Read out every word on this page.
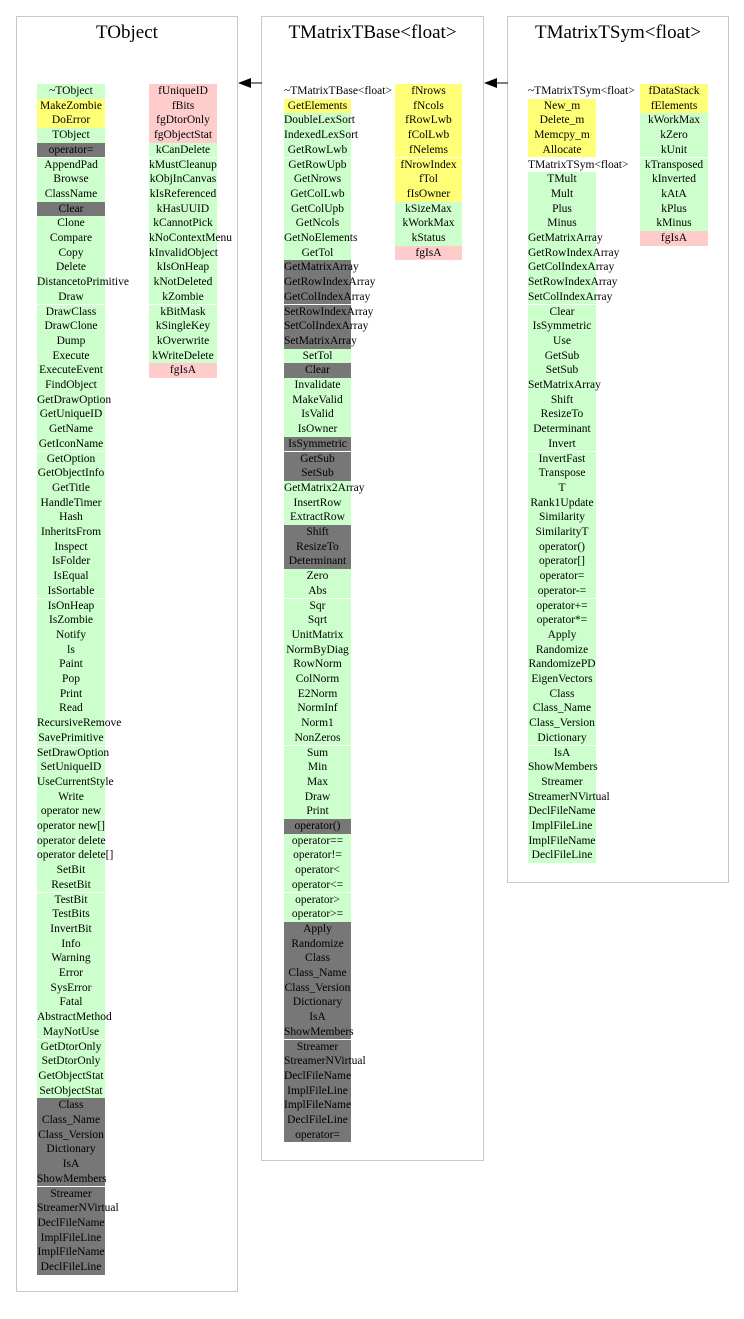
TObject
~TObject
MakeZombie
DoError
TObject
operator=
AppendPad
Browse
ClassName
Clear
Clone
Compare
Copy
Delete
DistancetoPrimitive
Draw
DrawClass
DrawClone
Dump
Execute
ExecuteEvent
FindObject
GetDrawOption
GetUniqueID
GetName
GetIconName
GetOption
GetObjectInfo
GetTitle
HandleTimer
Hash
InheritsFrom
Inspect
IsFolder
IsEqual
IsSortable
IsOnHeap
IsZombie
Notify
ls
Paint
Pop
Print
Read
RecursiveRemove
SavePrimitive
SetDrawOption
SetUniqueID
UseCurrentStyle
Write
operator new
operator new[]
operator delete
operator delete[]
SetBit
ResetBit
TestBit
TestBits
InvertBit
Info
Warning
Error
SysError
Fatal
AbstractMethod
MayNotUse
GetDtorOnly
SetDtorOnly
GetObjectStat
SetObjectStat
Class
Class_Name
Class_Version
Dictionary
IsA
ShowMembers
Streamer
StreamerNVirtual
DeclFileName
ImplFileLine
ImplFileName
DeclFileLine
fUniqueID
fBits
fgDtorOnly
fgObjectStat
kCanDelete
kMustCleanup
kObjInCanvas
kIsReferenced
kHasUUID
kCannotPick
kNoContextMenu
kInvalidObject
kIsOnHeap
kNotDeleted
kZombie
kBitMask
kSingleKey
kOverwrite
kWriteDelete
fgIsA
TMatrixTBase<float>
~TMatrixTBase<float>
GetElements
DoubleLexSort
IndexedLexSort
GetRowLwb
GetRowUpb
GetNrows
GetColLwb
GetColUpb
GetNcols
GetNoElements
GetTol
GetMatrixArray
GetRowIndexArray
GetColIndexArray
SetRowIndexArray
SetColIndexArray
SetMatrixArray
SetTol
Clear
Invalidate
MakeValid
IsValid
IsOwner
IsSymmetric
GetSub
SetSub
GetMatrix2Array
InsertRow
ExtractRow
Shift
ResizeTo
Determinant
Zero
Abs
Sqr
Sqrt
UnitMatrix
NormByDiag
RowNorm
ColNorm
E2Norm
NormInf
Norm1
NonZeros
Sum
Min
Max
Draw
Print
operator()
operator==
operator!=
operator<
operator<=
operator>
operator>=
Apply
Randomize
Class
Class_Name
Class_Version
Dictionary
IsA
ShowMembers
Streamer
StreamerNVirtual
DeclFileName
ImplFileLine
ImplFileName
DeclFileLine
operator=
fNrows
fNcols
fRowLwb
fColLwb
fNelems
fNrowIndex
fTol
fIsOwner
kSizeMax
kWorkMax
kStatus
fgIsA
TMatrixTSym<float>
~TMatrixTSym<float>
New_m
Delete_m
Memcpy_m
Allocate
TMatrixTSym<float>
TMult
Mult
Plus
Minus
GetMatrixArray
GetRowIndexArray
GetColIndexArray
SetRowIndexArray
SetColIndexArray
Clear
IsSymmetric
Use
GetSub
SetSub
SetMatrixArray
Shift
ResizeTo
Determinant
Invert
InvertFast
Transpose
T
Rank1Update
Similarity
SimilarityT
operator()
operator[]
operator=
operator-=
operator+=
operator*=
Apply
Randomize
RandomizePD
EigenVectors
Class
Class_Name
Class_Version
Dictionary
IsA
ShowMembers
Streamer
StreamerNVirtual
DeclFileName
ImplFileLine
ImplFileName
DeclFileLine
fDataStack
fElements
kWorkMax
kZero
kUnit
kTransposed
kInverted
kAtA
kPlus
kMinus
fgIsA
